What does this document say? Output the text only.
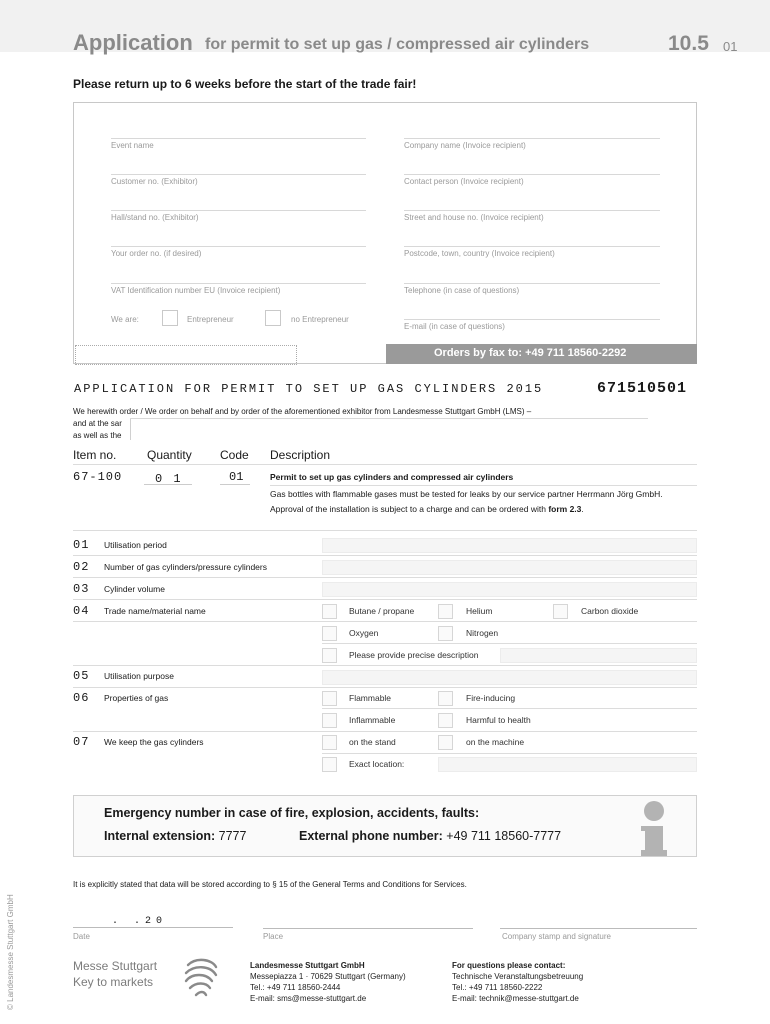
Application for permit to set up gas / compressed air cylinders	10.5 01
Please return up to 6 weeks before the start of the trade fair!
Event name
Customer no. (Exhibitor)
Hall/stand no. (Exhibitor)
Your order no. (if desired)
VAT Identification number EU (Invoice recipient)
Company name (Invoice recipient)
Contact person (Invoice recipient)
Street and house no. (Invoice recipient)
Postcode, town, country (Invoice recipient)
Telephone (in case of questions)
E-mail (in case of questions)
We are:	Entrepreneur	no Entrepreneur
Orders by fax to: +49 711 18560-2292
APPLICATION FOR PERMIT TO SET UP GAS CYLINDERS 2015	671510501
We herewith order / We order on behalf and by order of the aforementioned exhibitor from Landesmesse Stuttgart GmbH (LMS) –
and at the sar
as well as the
Item no.	Quantity Code Description
67-100	0 1	01	Permit to set up gas cylinders and compressed air cylinders
Gas bottles with flammable gases must be tested for leaks by our service partner Herrmann Jörg GmbH.
Approval of the installation is subject to a charge and can be ordered with form 2.3.
01 Utilisation period
02 Number of gas cylinders/pressure cylinders
03 Cylinder volume
04 Trade name/material name	Butane / propane	Helium	Carbon dioxide
Oxygen	Nitrogen
Please provide precise description
05 Utilisation purpose
06 Properties of gas	Flammable	Fire-inducing
Inflammable	Harmful to health
07 We keep the gas cylinders	on the stand	on the machine
Exact location:
Emergency number in case of fire, explosion, accidents, faults:
Internal extension: 7777	External phone number: +49 711 18560-7777
It is explicitly stated that data will be stored according to § 15 of the General Terms and Conditions for Services.
. .20
Date	Place	Company stamp and signature
Messe Stuttgart
Key to markets
Landesmesse Stuttgart GmbH
Messepiazza 1 · 70629 Stuttgart (Germany)
Tel.: +49 711 18560-2444
E-mail: sms@messe-stuttgart.de
For questions please contact:
Technische Veranstaltungsbetreuung
Tel.: +49 711 18560-2222
E-mail: technik@messe-stuttgart.de
© Landesmesse Stuttgart GmbH
